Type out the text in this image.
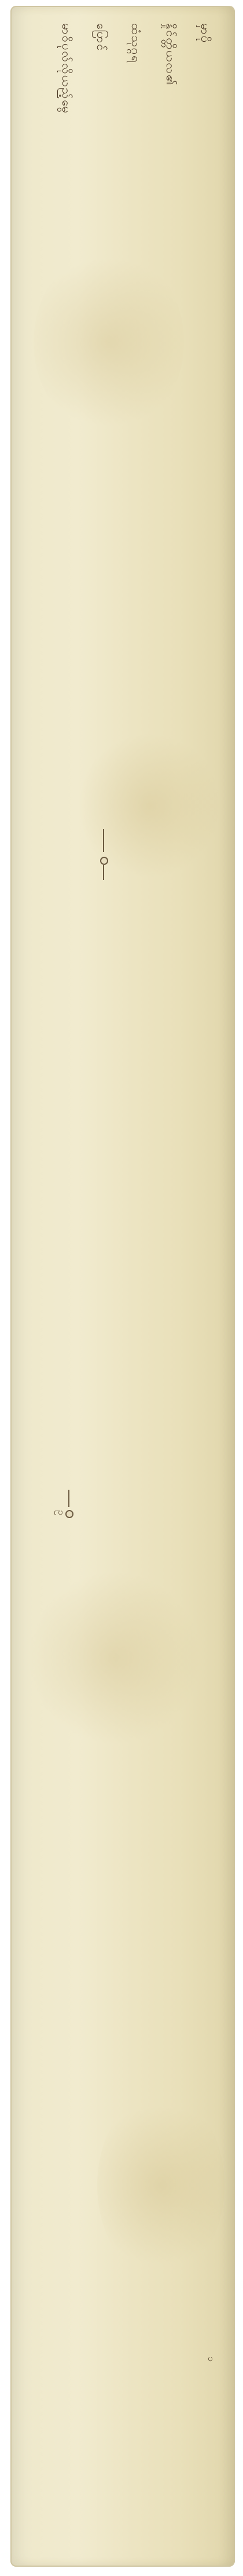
မှာပို
နှိုင်တ္တိယလ၏
ထံသုဂ္ဂရ
ပြောင်
မာဝိပုလ်လိုယည့်မွေ
၁
ဥ
